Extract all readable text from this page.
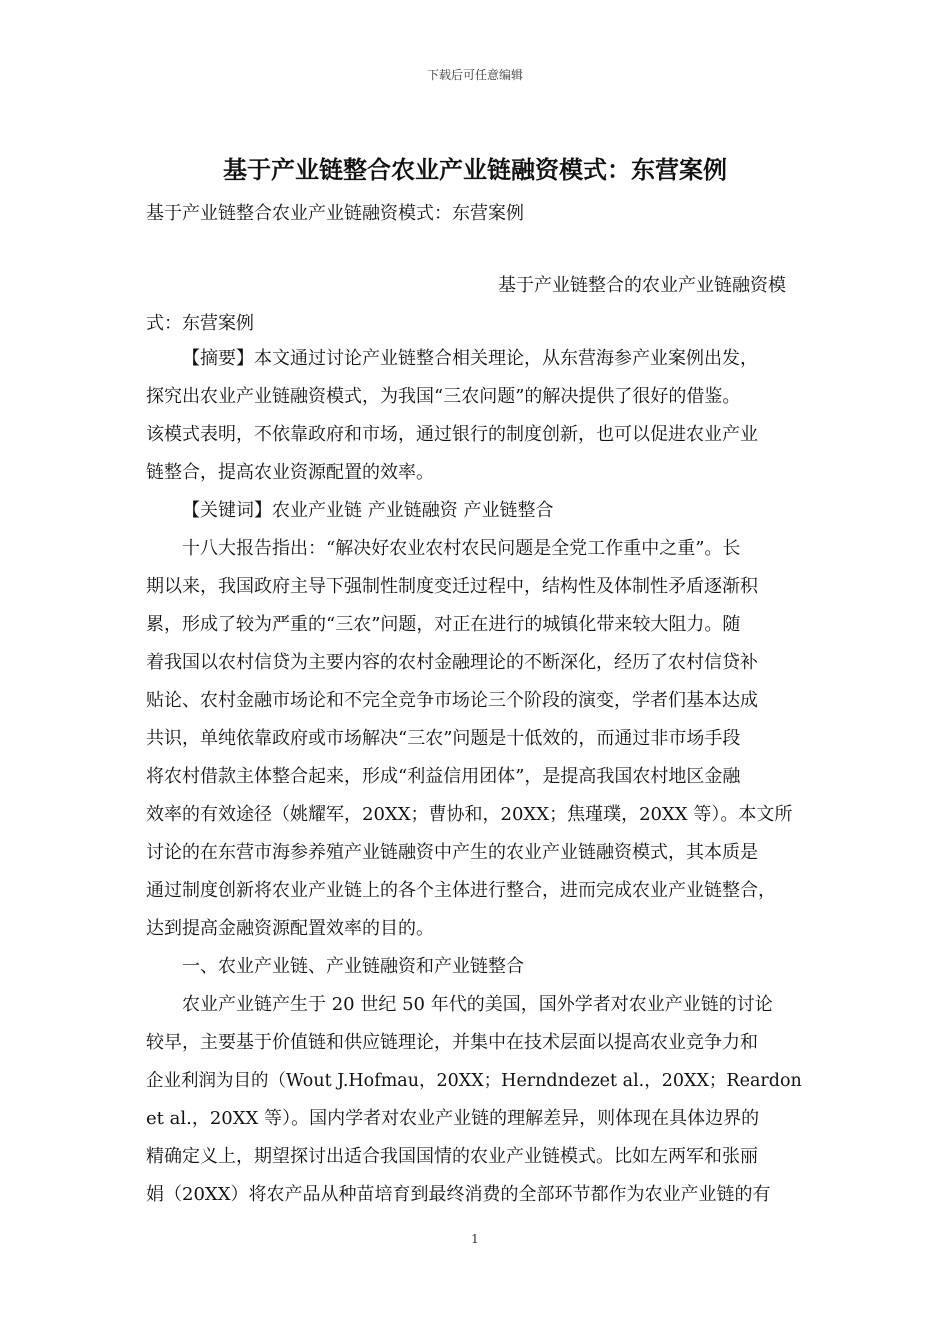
下载后可任意编辑
基于产业链整合农业产业链融资模式：东营案例
基于产业链整合农业产业链融资模式：东营案例
基于产业链整合的农业产业链融资模
式：东营案例
【摘要】本文通过讨论产业链整合相关理论，从东营海参产业案例出发，
探究出农业产业链融资模式，为我国“三农问题”的解决提供了很好的借鉴。
该模式表明，不依靠政府和市场，通过银行的制度创新，也可以促进农业产业
链整合，提高农业资源配置的效率。
【关键词】农业产业链 产业链融资 产业链整合
十八大报告指出：“解决好农业农村农民问题是全党工作重中之重”。长
期以来，我国政府主导下强制性制度变迁过程中，结构性及体制性矛盾逐渐积
累，形成了较为严重的“三农”问题，对正在进行的城镇化带来较大阻力。随
着我国以农村信贷为主要内容的农村金融理论的不断深化，经历了农村信贷补
贴论、农村金融市场论和不完全竞争市场论三个阶段的演变，学者们基本达成
共识，单纯依靠政府或市场解决“三农”问题是十低效的，而通过非市场手段
将农村借款主体整合起来，形成“利益信用团体”，是提高我国农村地区金融
效率的有效途径（姚耀军，20XX；曹协和，20XX；焦瑾璞，20XX 等）。本文所
讨论的在东营市海参养殖产业链融资中产生的农业产业链融资模式，其本质是
通过制度创新将农业产业链上的各个主体进行整合，进而完成农业产业链整合，
达到提高金融资源配置效率的目的。
一、农业产业链、产业链融资和产业链整合
农业产业链产生于 20 世纪 50 年代的美国，国外学者对农业产业链的讨论
较早，主要基于价值链和供应链理论，并集中在技术层面以提高农业竞争力和
企业利润为目的（Wout J.Hofmau，20XX；Herndndezet al.，20XX；Reardon
et al.，20XX 等）。国内学者对农业产业链的理解差异，则体现在具体边界的
精确定义上，期望探讨出适合我国国情的农业产业链模式。比如左两军和张丽
娟（20XX）将农产品从种苗培育到最终消费的全部环节都作为农业产业链的有
1
